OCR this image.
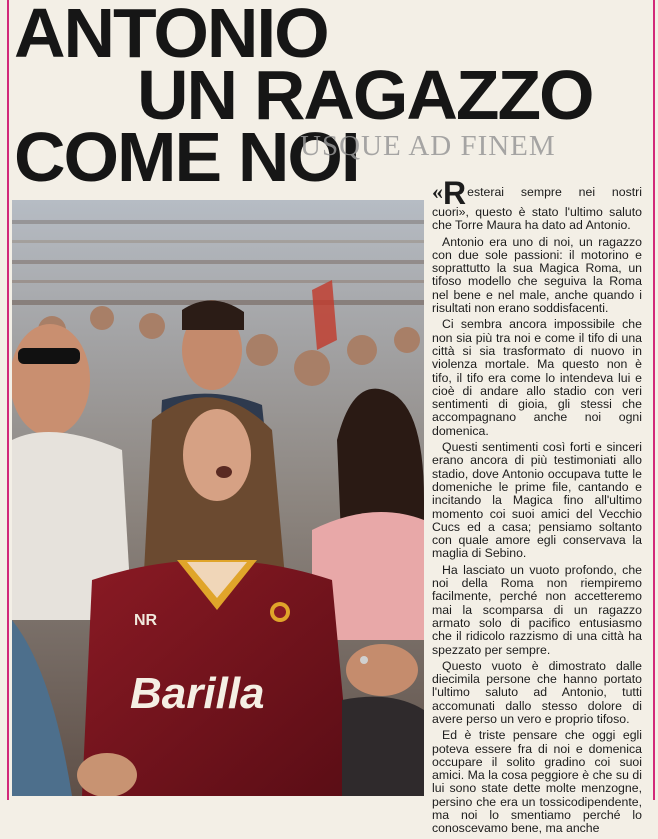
ANTONIO
UN RAGAZZO
COME NOI
USQUE AD FINEM
NR
Barilla

«Resterai sempre nei nostri cuori», questo è stato l'ultimo saluto che Torre Maura ha dato ad Antonio.

Antonio era uno di noi, un ragazzo con due sole passioni: il motorino e soprattutto la sua Magica Roma, un tifoso modello che seguiva la Roma nel bene e nel male, anche quando i risultati non erano soddisfacenti.

Ci sembra ancora impossibile che non sia più tra noi e come il tifo di una città si sia trasformato di nuovo in violenza mortale. Ma questo non è tifo, il tifo era come lo intendeva lui e cioè di andare allo stadio con veri sentimenti di gioia, gli stessi che accompagnano anche noi ogni domenica.

Questi sentimenti così forti e sinceri erano ancora di più testimoniati allo stadio, dove Antonio occupava tutte le domeniche le prime file, cantando e incitando la Magica fino all'ultimo momento coi suoi amici del Vecchio Cucs ed a casa; pensiamo soltanto con quale amore egli conservava la maglia di Sebino.

Ha lasciato un vuoto profondo, che noi della Roma non riempiremo facilmente, perché non accetteremo mai la scomparsa di un ragazzo armato solo di pacifico entusiasmo che il ridicolo razzismo di una città ha spezzato per sempre.

Questo vuoto è dimostrato dalle diecimila persone che hanno portato l'ultimo saluto ad Antonio, tutti accomunati dallo stesso dolore di avere perso un vero e proprio tifoso.

Ed è triste pensare che oggi egli poteva essere fra di noi e domenica occupare il solito gradino coi suoi amici. Ma la cosa peggiore è che su di lui sono state dette molte menzogne, persino che era un tossicodipendente, ma noi lo smentiamo perché lo conoscevamo bene, ma anche
